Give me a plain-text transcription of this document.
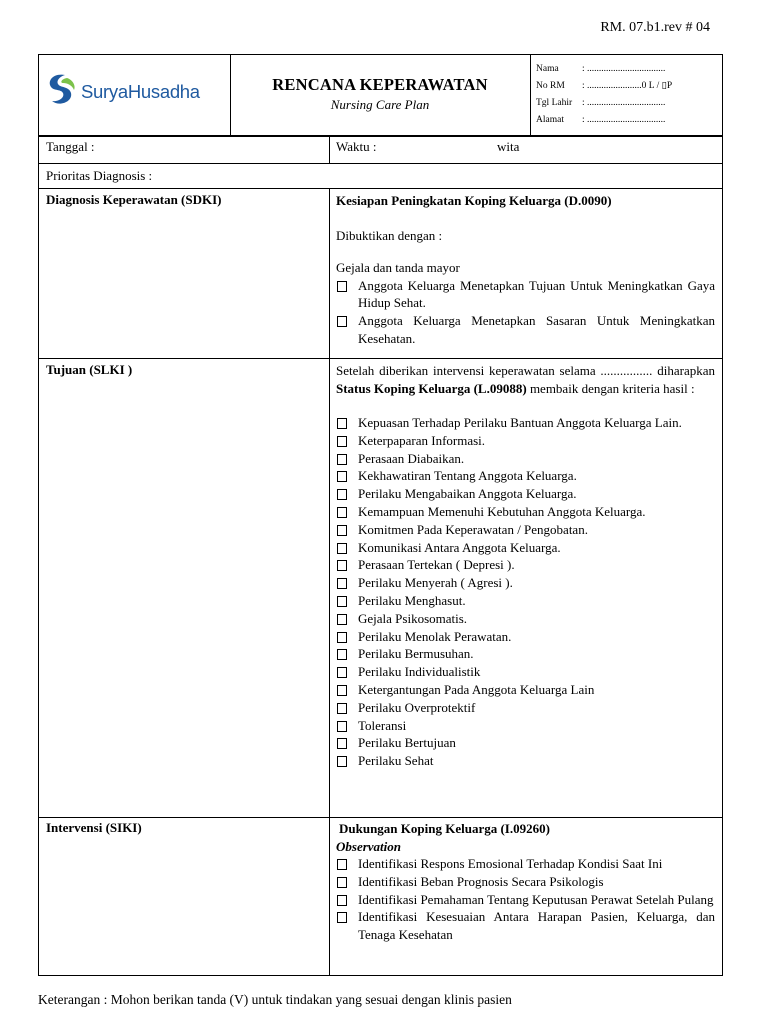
RM. 07.b1.rev # 04
SuryaHusadha	RENCANA KEPERAWATAN
Nursing Care Plan
Nama : .................................
No RM : .......................0 L / ▯P
Tgl Lahir : .................................
Alamat : .................................
Tanggal :	Waktu :	wita
Prioritas Diagnosis :
Diagnosis Keperawatan (SDKI)	Kesiapan Peningkatan Koping Keluarga (D.0090)

Dibuktikan dengan :

Gejala dan tanda mayor

Anggota Keluarga Menetapkan Tujuan Untuk Meningkatkan Gaya Hidup Sehat.
Anggota Keluarga Menetapkan Sasaran Untuk Meningkatkan Kesehatan.
Tujuan (SLKI )	Setelah diberikan intervensi keperawatan selama ................ diharapkan Status Koping Keluarga (L.09088) membaik dengan kriteria hasil :

Kepuasan Terhadap Perilaku Bantuan Anggota Keluarga Lain.
Keterpaparan Informasi.
Perasaan Diabaikan.
Kekhawatiran Tentang Anggota Keluarga.
Perilaku Mengabaikan Anggota Keluarga.
Kemampuan Memenuhi Kebutuhan Anggota Keluarga.
Komitmen Pada Keperawatan / Pengobatan.
Komunikasi Antara Anggota Keluarga.
Perasaan Tertekan ( Depresi ).
Perilaku Menyerah ( Agresi ).
Perilaku Menghasut.
Gejala Psikosomatis.
Perilaku Menolak Perawatan.
Perilaku Bermusuhan.
Perilaku Individualistik
Ketergantungan Pada Anggota Keluarga Lain
Perilaku Overprotektif
Toleransi
Perilaku Bertujuan
Perilaku Sehat
Intervensi (SIKI)	Dukungan Koping Keluarga (I.09260)

Observation

Identifikasi Respons Emosional Terhadap Kondisi Saat Ini
Identifikasi Beban Prognosis Secara Psikologis
Identifikasi Pemahaman Tentang Keputusan Perawat Setelah Pulang
Identifikasi Kesesuaian Antara Harapan Pasien, Keluarga, dan Tenaga Kesehatan
Keterangan : Mohon berikan tanda (V) untuk tindakan yang sesuai dengan klinis pasien
